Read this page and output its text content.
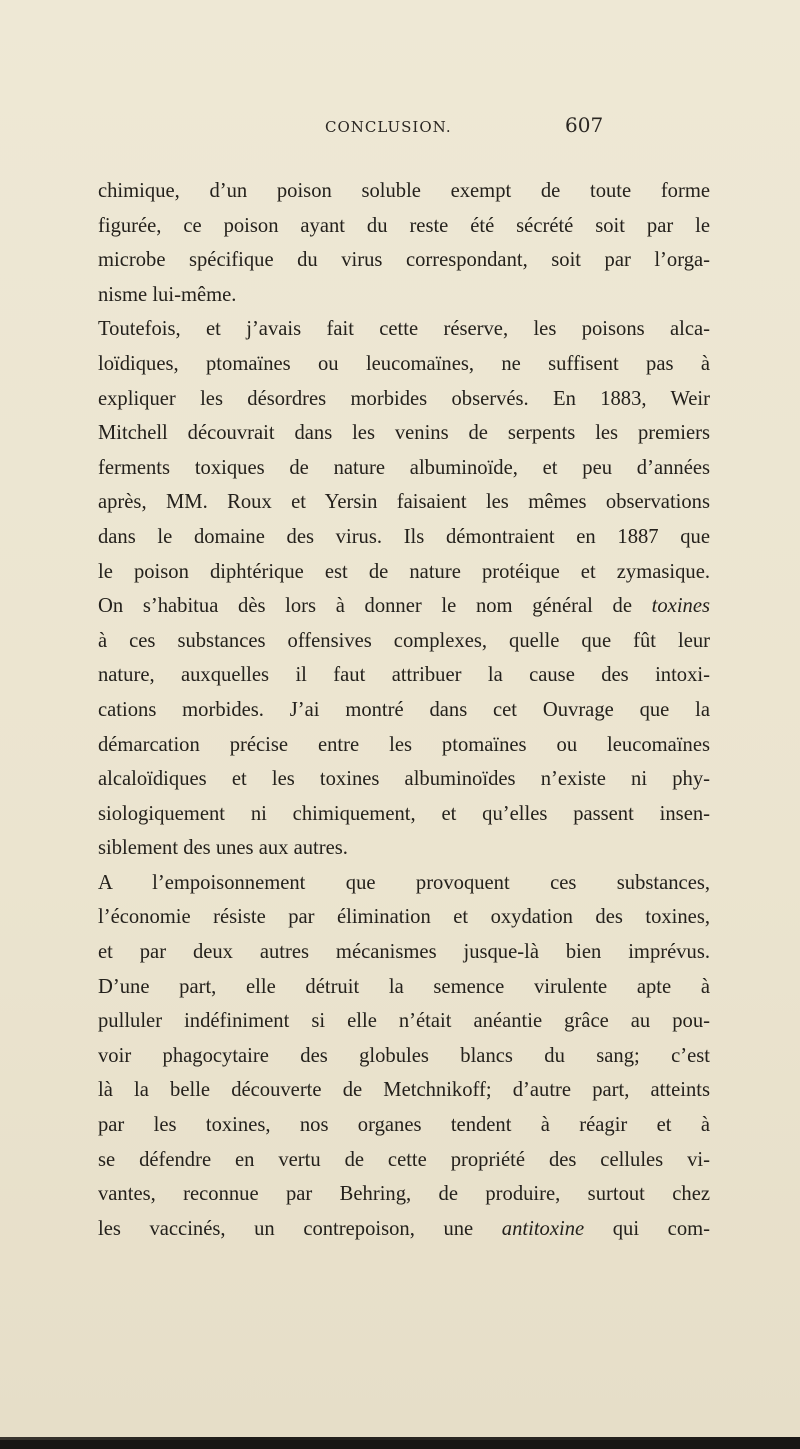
CONCLUSION.	607
chimique, d’un poison soluble exempt de toute forme
figurée, ce poison ayant du reste été sécrété soit par le
microbe spécifique du virus correspondant, soit par l’orga-
nisme lui-même.
Toutefois, et j’avais fait cette réserve, les poisons alca-
loïdiques, ptomaïnes ou leucomaïnes, ne suffisent pas à
expliquer les désordres morbides observés. En 1883, Weir
Mitchell découvrait dans les venins de serpents les premiers
ferments toxiques de nature albuminoïde, et peu d’années
après, MM. Roux et Yersin faisaient les mêmes observations
dans le domaine des virus. Ils démontraient en 1887 que
le poison diphtérique est de nature protéique et zymasique.
On s’habitua dès lors à donner le nom général de toxines
à ces substances offensives complexes, quelle que fût leur
nature, auxquelles il faut attribuer la cause des intoxi-
cations morbides. J’ai montré dans cet Ouvrage que la
démarcation précise entre les ptomaïnes ou leucomaïnes
alcaloïdiques et les toxines albuminoïdes n’existe ni phy-
siologiquement ni chimiquement, et qu’elles passent insen-
siblement des unes aux autres.
A l’empoisonnement que provoquent ces substances,
l’économie résiste par élimination et oxydation des toxines,
et par deux autres mécanismes jusque-là bien imprévus.
D’une part, elle détruit la semence virulente apte à
pulluler indéfiniment si elle n’était anéantie grâce au pou-
voir phagocytaire des globules blancs du sang; c’est
là la belle découverte de Metchnikoff; d’autre part, atteints
par les toxines, nos organes tendent à réagir et à
se défendre en vertu de cette propriété des cellules vi-
vantes, reconnue par Behring, de produire, surtout chez
les vaccinés, un contrepoison, une antitoxine qui com-
